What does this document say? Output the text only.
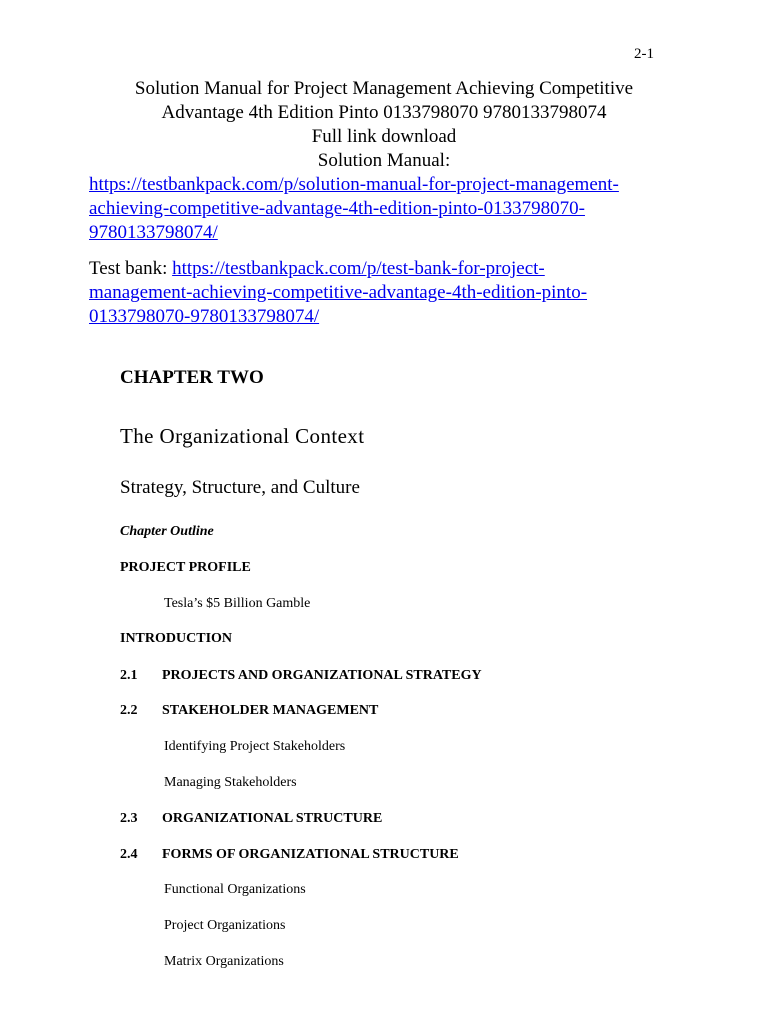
2-1
Solution Manual for Project Management Achieving Competitive
Advantage 4th Edition Pinto 0133798070 9780133798074
Full link download
Solution Manual:
https://testbankpack.com/p/solution-manual-for-project-management-
achieving-competitive-advantage-4th-edition-pinto-0133798070-
9780133798074/
Test bank: https://testbankpack.com/p/test-bank-for-project-
management-achieving-competitive-advantage-4th-edition-pinto-
0133798070-9780133798074/
CHAPTER TWO
The Organizational Context
Strategy, Structure, and Culture
Chapter Outline
PROJECT PROFILE
Tesla’s $5 Billion Gamble
INTRODUCTION
2.1 PROJECTS AND ORGANIZATIONAL STRATEGY
2.2 STAKEHOLDER MANAGEMENT
Identifying Project Stakeholders
Managing Stakeholders
2.3 ORGANIZATIONAL STRUCTURE
2.4 FORMS OF ORGANIZATIONAL STRUCTURE
Functional Organizations
Project Organizations
Matrix Organizations
